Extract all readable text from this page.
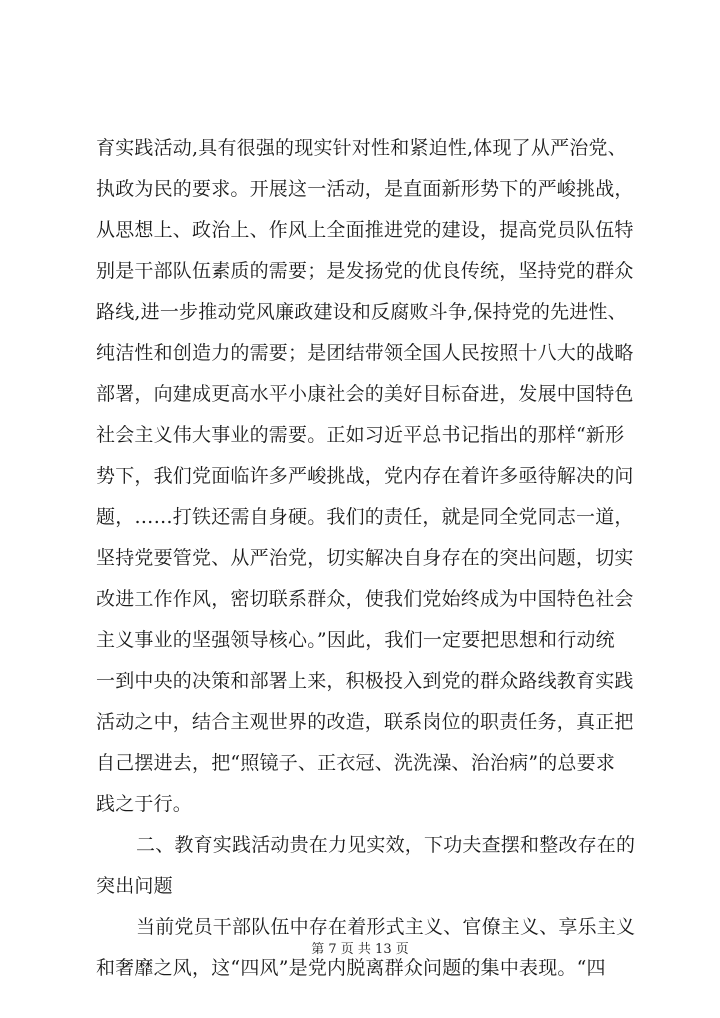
育实践活动,具有很强的现实针对性和紧迫性,体现了从严治党、
执政为民的要求。开展这一活动，是直面新形势下的严峻挑战，
从思想上、政治上、作风上全面推进党的建设，提高党员队伍特
别是干部队伍素质的需要；是发扬党的优良传统，坚持党的群众
路线,进一步推动党风廉政建设和反腐败斗争,保持党的先进性、
纯洁性和创造力的需要；是团结带领全国人民按照十八大的战略
部署，向建成更高水平小康社会的美好目标奋进，发展中国特色
社会主义伟大事业的需要。正如习近平总书记指出的那样“新形
势下，我们党面临许多严峻挑战，党内存在着许多亟待解决的问
题，……打铁还需自身硬。我们的责任，就是同全党同志一道，
坚持党要管党、从严治党，切实解决自身存在的突出问题，切实
改进工作作风，密切联系群众，使我们党始终成为中国特色社会
主义事业的坚强领导核心。”因此，我们一定要把思想和行动统
一到中央的决策和部署上来，积极投入到党的群众路线教育实践
活动之中，结合主观世界的改造，联系岗位的职责任务，真正把
自己摆进去，把“照镜子、正衣冠、洗洗澡、治治病”的总要求
践之于行。
二、教育实践活动贵在力见实效，下功夫查摆和整改存在的
突出问题
当前党员干部队伍中存在着形式主义、官僚主义、享乐主义
和奢靡之风，这“四风”是党内脱离群众问题的集中表现。“四
第 7 页 共 13 页
